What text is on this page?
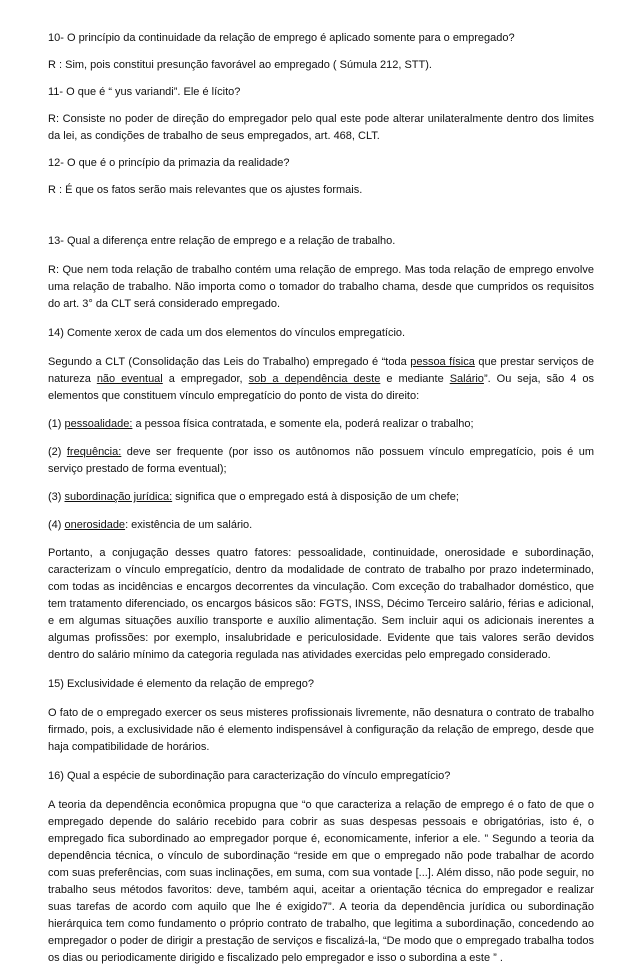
10- O princípio da continuidade da relação de emprego é aplicado somente para o empregado?

R : Sim, pois constitui presunção favorável ao empregado ( Súmula 212, STT).

11- O que é “ yus variandi”. Ele é lícito?

R: Consiste no poder de direção do empregador pelo qual este pode alterar unilateralmente dentro dos limites da lei, as condições de trabalho de seus empregados, art. 468, CLT.

12- O que é o princípio da primazia da realidade?

R : É que os fatos serão mais relevantes que os ajustes formais.

13- Qual a diferença entre relação de emprego e a relação de trabalho.

R: Que nem toda relação de trabalho contém uma relação de emprego. Mas toda relação de emprego envolve uma relação de trabalho. Não importa como o tomador do trabalho chama, desde que cumpridos os requisitos do art. 3° da CLT será considerado empregado.

14) Comente xerox de cada um dos elementos do vínculos empregatício.

Segundo a CLT (Consolidação das Leis do Trabalho) empregado é “toda pessoa física que prestar serviços de natureza não eventual a empregador, sob a dependência deste e mediante Salário”. Ou seja, são 4 os elementos que constituem vínculo empregatício do ponto de vista do direito:

(1) pessoalidade: a pessoa física contratada, e somente ela, poderá realizar o trabalho;

(2) frequência: deve ser frequente (por isso os autônomos não possuem vínculo empregatício, pois é um serviço prestado de forma eventual);

(3) subordinação jurídica: significa que o empregado está à disposição de um chefe;

(4) onerosidade: existência de um salário.

Portanto, a conjugação desses quatro fatores: pessoalidade, continuidade, onerosidade e subordinação, caracterizam o vínculo empregatício, dentro da modalidade de contrato de trabalho por prazo indeterminado, com todas as incidências e encargos decorrentes da vinculação. Com exceção do trabalhador doméstico, que tem tratamento diferenciado, os encargos básicos são: FGTS, INSS, Décimo Terceiro salário, férias e adicional, e em algumas situações auxílio transporte e auxílio alimentação. Sem incluir aqui os adicionais inerentes a algumas profissões: por exemplo, insalubridade e periculosidade. Evidente que tais valores serão devidos dentro do salário mínimo da categoria regulada nas atividades exercidas pelo empregado considerado.

15) Exclusividade é elemento da relação de emprego?

O fato de o empregado exercer os seus misteres profissionais livremente, não desnatura o contrato de trabalho firmado, pois, a exclusividade não é elemento indispensável à configuração da relação de emprego, desde que haja compatibilidade de horários.

16) Qual a espécie de subordinação para caracterização do vínculo empregatício?

A teoria da dependência econômica propugna que “o que caracteriza a relação de emprego é o fato de que o empregado depende do salário recebido para cobrir as suas despesas pessoais e obrigatórias, isto é, o empregado fica subordinado ao empregador porque é, economicamente, inferior a ele. ” Segundo a teoria da dependência técnica, o vínculo de subordinação “reside em que o empregado não pode trabalhar de acordo com suas preferências, com suas inclinações, em suma, com sua vontade [...]. Além disso, não pode seguir, no trabalho seus métodos favoritos: deve, também aqui, aceitar a orientação técnica do empregador e realizar suas tarefas de acordo com aquilo que lhe é exigido7”. A teoria da dependência jurídica ou subordinação hierárquica tem como fundamento o próprio contrato de trabalho, que legitima a subordinação, concedendo ao empregador o poder de dirigir a prestação de serviços e fiscalizá-la, “De modo que o empregado trabalha todos os dias ou periodicamente dirigido e fiscalizado pelo empregador e isso o subordina a este ” .
